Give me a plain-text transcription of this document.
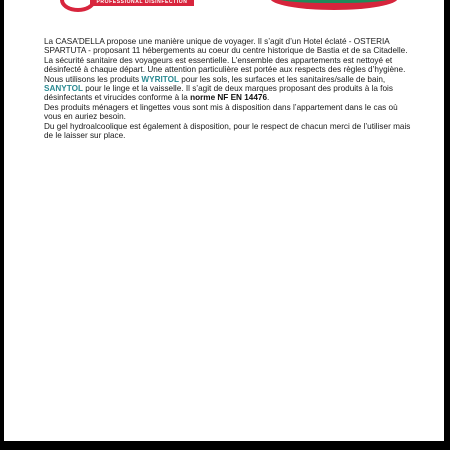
PROFESSIONAL DISINFECTION

La CASA’DELLA propose une manière unique de voyager. Il s’agit d’un Hotel éclaté - OSTERIA SPARTUTA - proposant 11 hébergements au coeur du centre historique de Bastia et de sa Citadelle.

La sécurité sanitaire des voyageurs est essentielle. L’ensemble des appartements est nettoyé et désinfecté à chaque départ. Une attention particulière est portée aux respects des règles d’hygiène.

Nous utilisons les produits WYRITOL pour les sols, les surfaces et les sanitaires/salle de bain, SANYTOL pour le linge et la vaisselle. Il s’agit de deux marques proposant des produits à la fois désinfectants et virucides conforme à la norme NF EN 14476.

Des produits ménagers et lingettes vous sont mis à disposition dans l’appartement dans le cas où vous en auriez besoin.

Du gel hydroalcoolique est également à disposition, pour le respect de chacun merci de l’utiliser mais de le laisser sur place.
